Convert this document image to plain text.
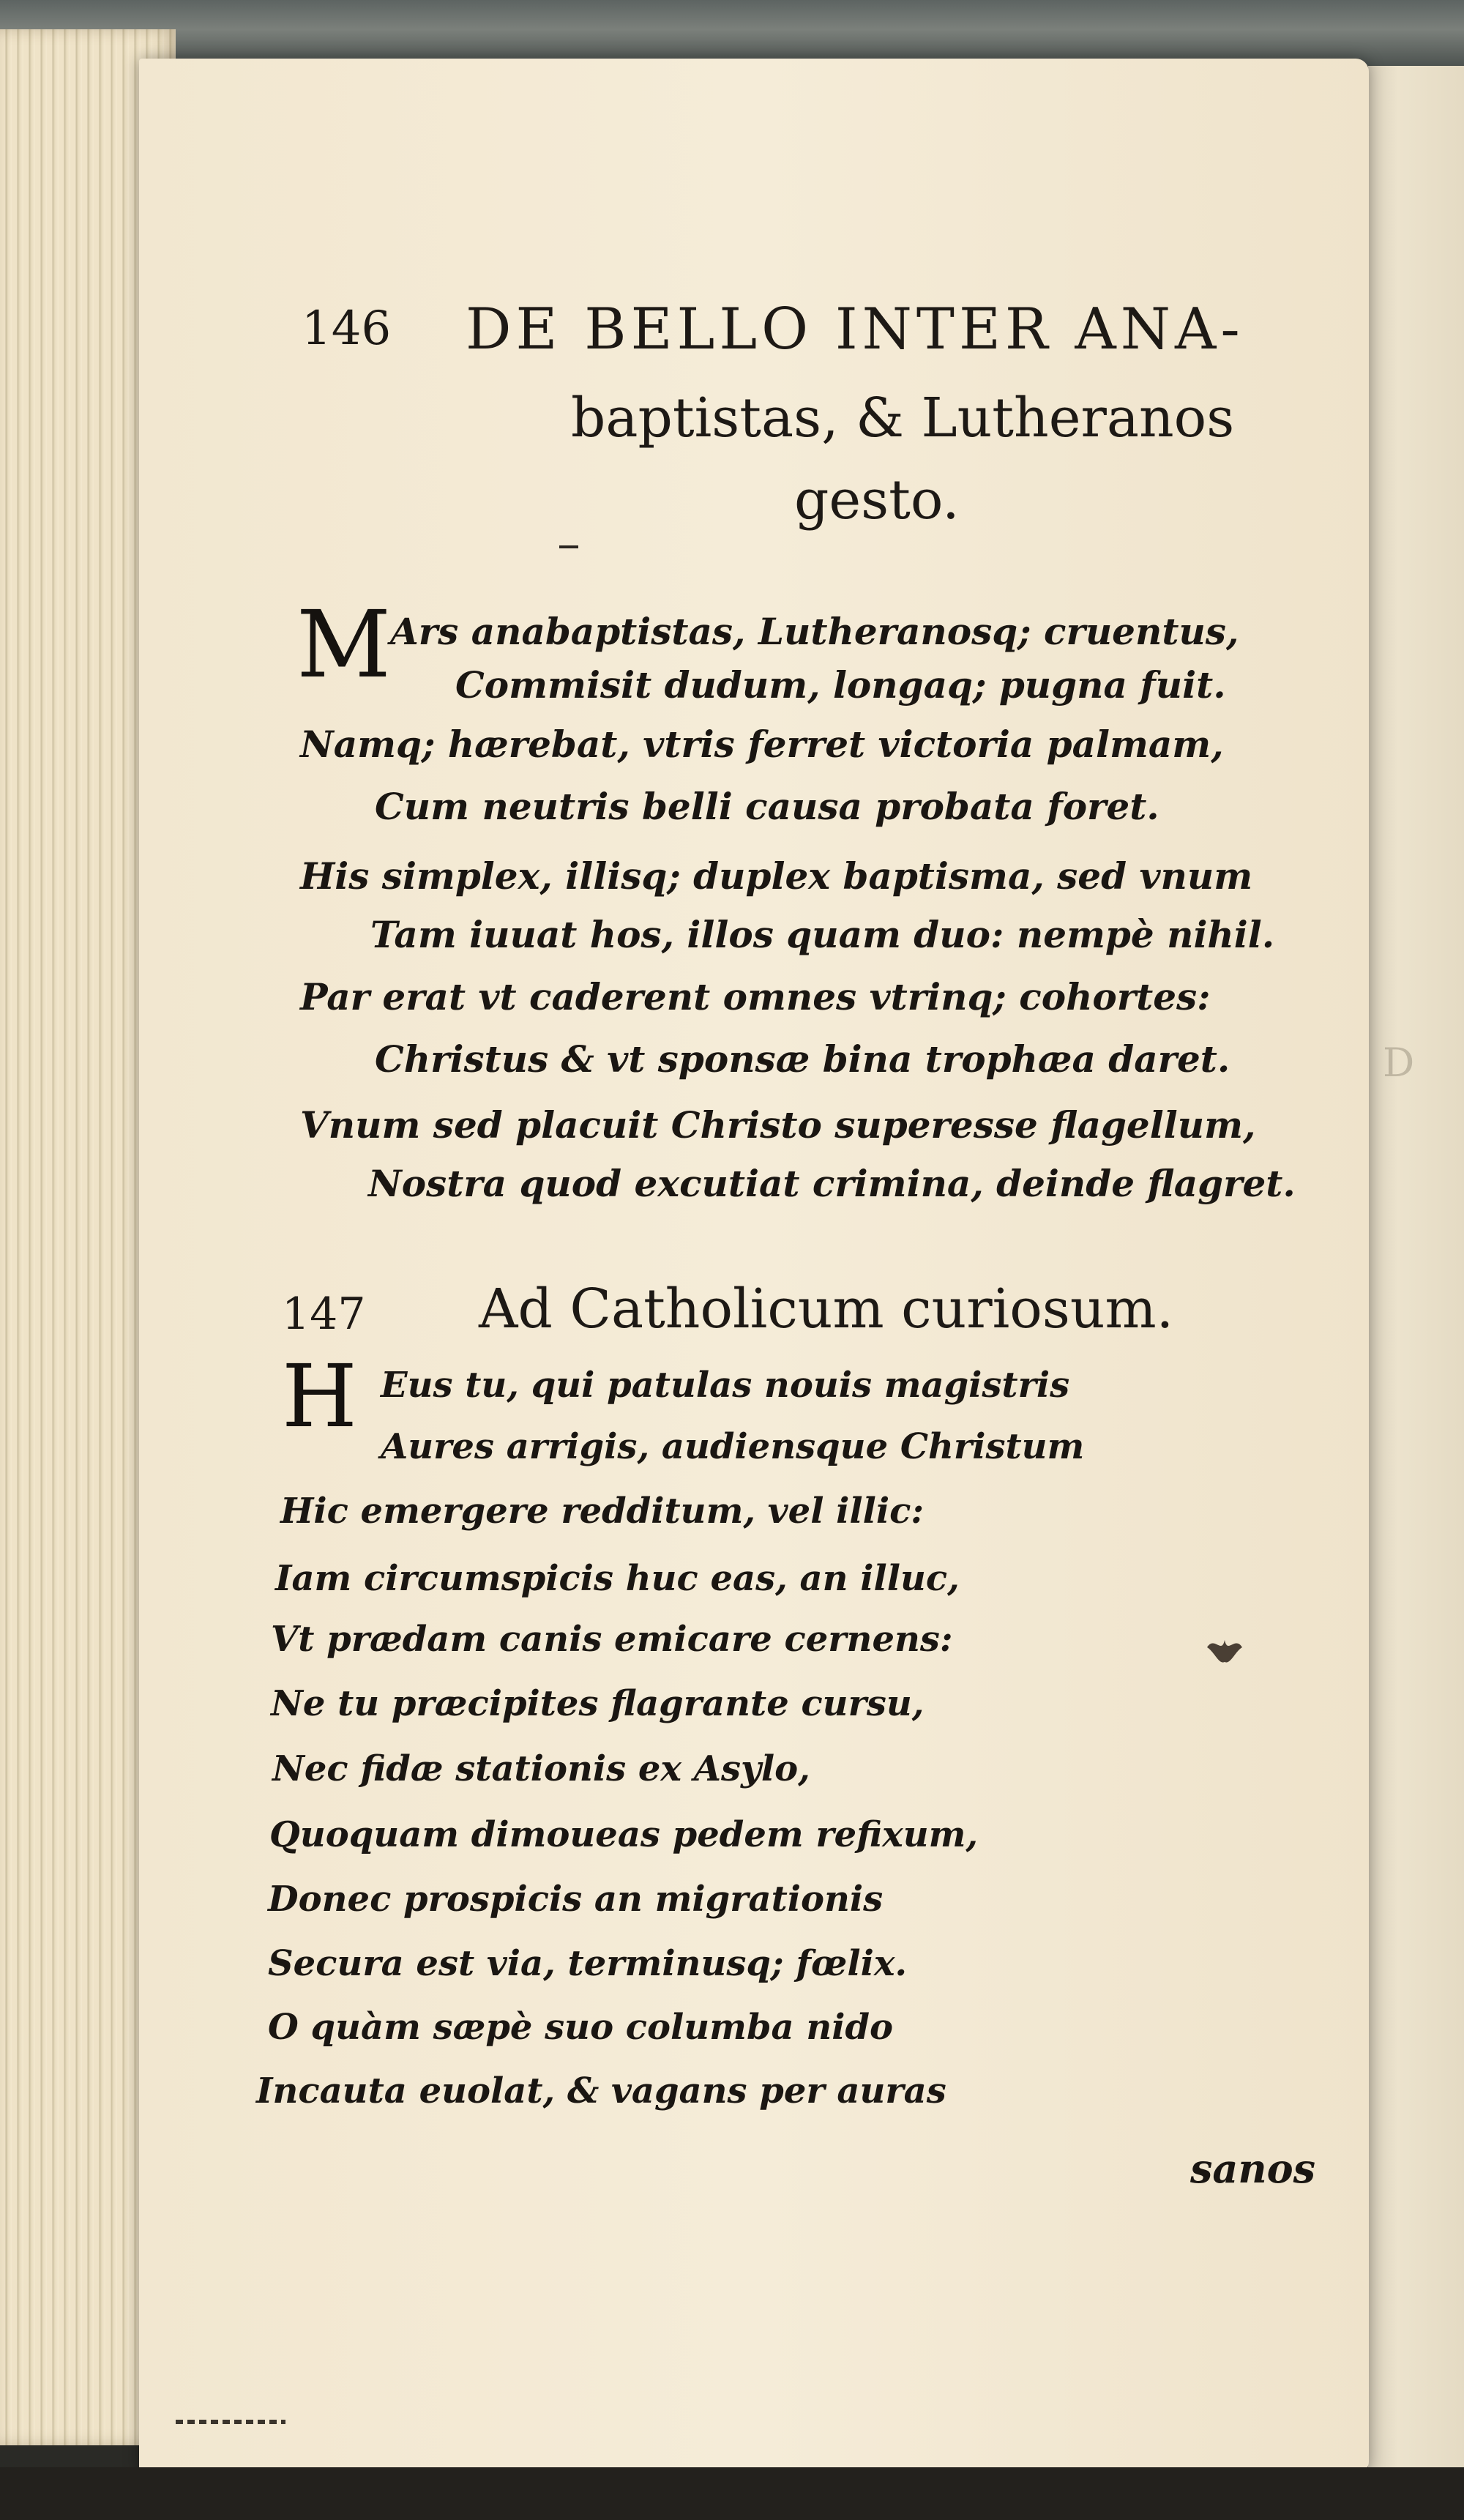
D
146 DE BELLO INTER ANA-
baptistas, & Lutheranos
gesto.
M
Ars anabaptistas, Lutheranosq; cruentus,
Commisit dudum, longaq; pugna fuit.
Namq; hærebat, vtris ferret victoria palmam,
Cum neutris belli causa probata foret.
His simplex, illisq; duplex baptisma, sed vnum
Tam iuuat hos, illos quam duo: nempè nihil.
Par erat vt caderent omnes vtrinq; cohortes:
Christus & vt sponsæ bina trophæa daret.
Vnum sed placuit Christo superesse flagellum,
Nostra quod excutiat crimina, deinde flagret.
147 Ad Catholicum curiosum.
H Eus tu, qui patulas nouis magistris
Aures arrigis, audiensque Christum
Hic emergere redditum, vel illic:
Iam circumspicis huc eas, an illuc,
Vt prædam canis emicare cernens:
Ne tu præcipites flagrante cursu,
Nec fidæ stationis ex Asylo,
Quoquam dimoueas pedem refixum,
Donec prospicis an migrationis
Secura est via, terminusq; fœlix.
O quàm sæpè suo columba nido
Incauta euolat, & vagans per auras
sanos
